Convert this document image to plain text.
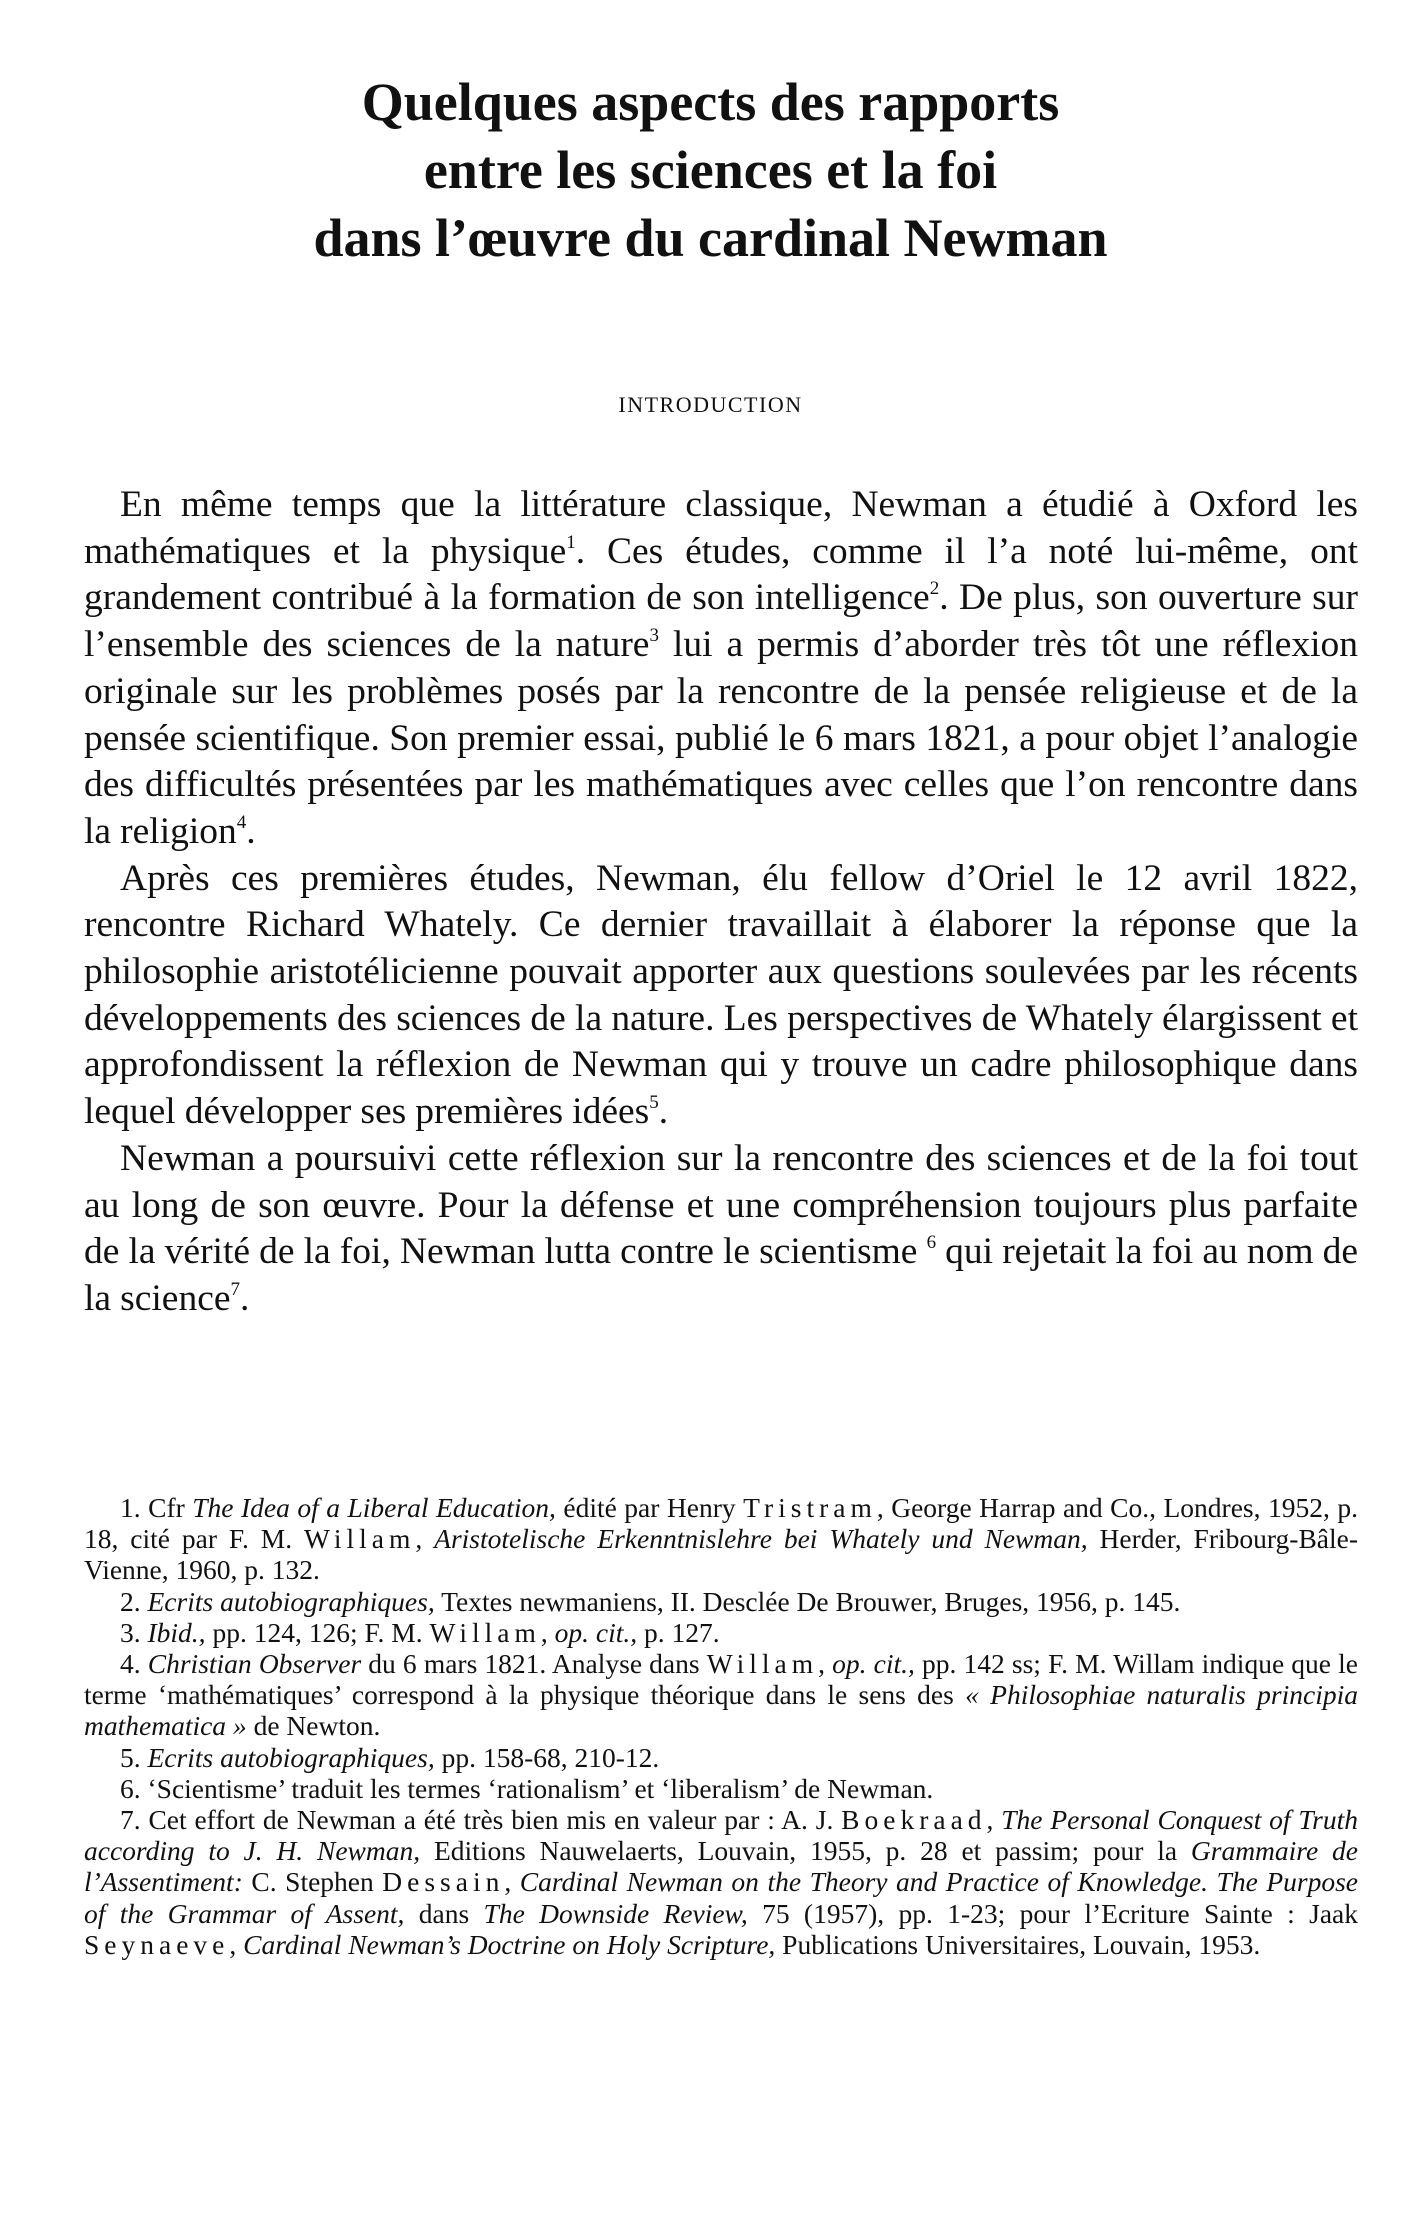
Quelques aspects des rapports
entre les sciences et la foi
dans l’œuvre du cardinal Newman
INTRODUCTION

En même temps que la littérature classique, Newman a étudié à Oxford les mathématiques et la physique$^1$. Ces études, comme il l’a noté lui-même, ont grandement contribué à la formation de son intelligence$^2$. De plus, son ouverture sur l’ensemble des sciences de la nature$^3$ lui a permis d’aborder très tôt une réflexion originale sur les problèmes posés par la rencontre de la pensée religieuse et de la pensée scientifique. Son premier essai, publié le 6 mars 1821, a pour objet l’analogie des difficultés présentées par les mathématiques avec celles que l’on rencontre dans la religion$^4$.

Après ces premières études, Newman, élu fellow d’Oriel le 12 avril 1822, rencontre Richard Whately. Ce dernier travaillait à élaborer la réponse que la philosophie aristotélicienne pouvait apporter aux questions soulevées par les récents développements des sciences de la nature. Les perspectives de Whately élargissent et approfondissent la réflexion de Newman qui y trouve un cadre philosophique dans lequel développer ses premières idées$^5$.

Newman a poursuivi cette réflexion sur la rencontre des sciences et de la foi tout au long de son œuvre. Pour la défense et une compréhension toujours plus parfaite de la vérité de la foi, Newman lutta contre le scientisme $^6$ qui rejetait la foi au nom de la science$^7$.

1. Cfr The Idea of a Liberal Education, édité par Henry Tristram, George Harrap and Co., Londres, 1952, p. 18, cité par F. M. Willam, Aristotelische Erkenntnislehre bei Whately und Newman, Herder, Fribourg-Bâle-Vienne, 1960, p. 132.

2. Ecrits autobiographiques, Textes newmaniens, II. Desclée De Brouwer, Bruges, 1956, p. 145.

3. Ibid., pp. 124, 126; F. M. Willam, op. cit., p. 127.

4. Christian Observer du 6 mars 1821. Analyse dans Willam, op. cit., pp. 142 ss; F. M. Willam indique que le terme ‘mathématiques’ correspond à la physique théorique dans le sens des « Philosophiae naturalis principia mathematica » de Newton.

5. Ecrits autobiographiques, pp. 158-68, 210-12.

6. ‘Scientisme’ traduit les termes ‘rationalism’ et ‘liberalism’ de Newman.

7. Cet effort de Newman a été très bien mis en valeur par : A. J. Boekraad, The Personal Conquest of Truth according to J. H. Newman, Editions Nauwelaerts, Louvain, 1955, p. 28 et passim; pour la Grammaire de l’Assentiment: C. Stephen Dessain, Cardinal Newman on the Theory and Practice of Knowledge. The Purpose of the Grammar of Assent, dans The Downside Review, 75 (1957), pp. 1-23; pour l’Ecriture Sainte : Jaak Seynaeve, Cardinal Newman’s Doctrine on Holy Scripture, Publications Universitaires, Louvain, 1953.
